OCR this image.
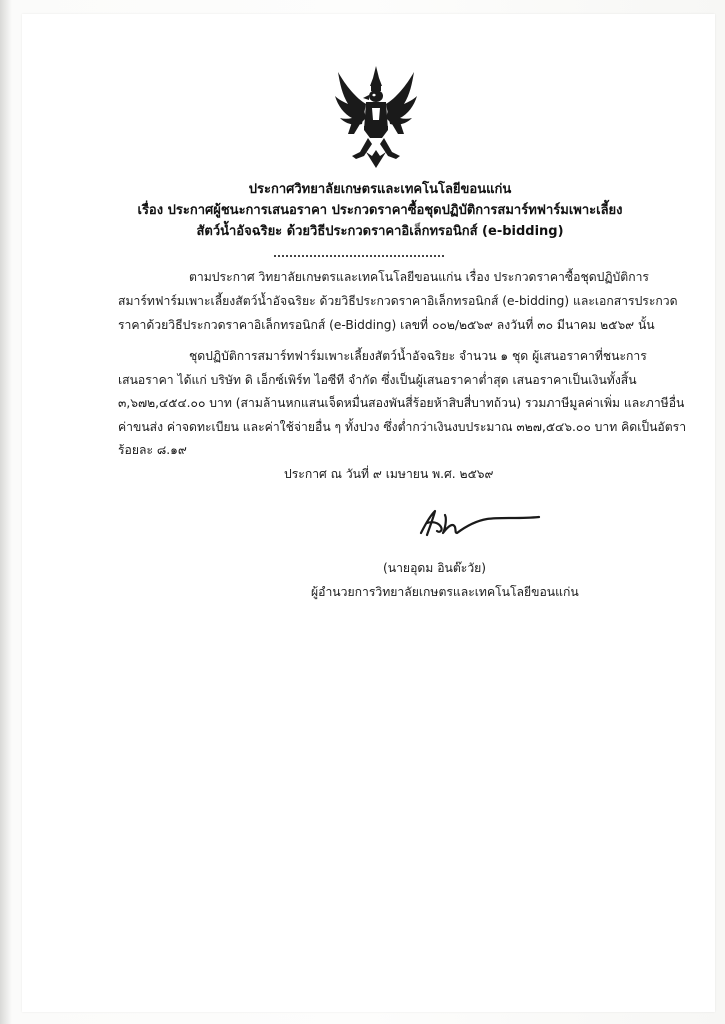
ประกาศวิทยาลัยเกษตรและเทคโนโลยีขอนแก่น
เรื่อง ประกาศผู้ชนะการเสนอราคา ประกวดราคาซื้อชุดปฏิบัติการสมาร์ทฟาร์มเพาะเลี้ยง
สัตว์น้ำอัจฉริยะ ด้วยวิธีประกวดราคาอิเล็กทรอนิกส์ (e-bidding)
ตามประกาศ วิทยาลัยเกษตรและเทคโนโลยีขอนแก่น เรื่อง ประกวดราคาซื้อชุดปฏิบัติการ
สมาร์ทฟาร์มเพาะเลี้ยงสัตว์น้ำอัจฉริยะ ด้วยวิธีประกวดราคาอิเล็กทรอนิกส์ (e-bidding) และเอกสารประกวด
ราคาด้วยวิธีประกวดราคาอิเล็กทรอนิกส์ (e-Bidding) เลขที่ ๐๐๒/๒๕๖๙ ลงวันที่ ๓๐ มีนาคม ๒๕๖๙ นั้น
ชุดปฏิบัติการสมาร์ทฟาร์มเพาะเลี้ยงสัตว์น้ำอัจฉริยะ จำนวน ๑ ชุด ผู้เสนอราคาที่ชนะการ
เสนอราคา ได้แก่ บริษัท ดิ เอ็กซ์เพิร์ท ไอซีที จำกัด ซึ่งเป็นผู้เสนอราคาต่ำสุด เสนอราคาเป็นเงินทั้งสิ้น
๓,๖๗๒,๔๕๔.๐๐ บาท (สามล้านหกแสนเจ็ดหมื่นสองพันสี่ร้อยห้าสิบสี่บาทถ้วน) รวมภาษีมูลค่าเพิ่ม และภาษีอื่น
ค่าขนส่ง ค่าจดทะเบียน และค่าใช้จ่ายอื่น ๆ ทั้งปวง ซึ่งต่ำกว่าเงินงบประมาณ ๓๒๗,๕๔๖.๐๐ บาท คิดเป็นอัตรา
ร้อยละ ๘.๑๙
ประกาศ ณ วันที่ ๙ เมษายน พ.ศ. ๒๕๖๙
(นายอุดม อินต๊ะวัย)
ผู้อำนวยการวิทยาลัยเกษตรและเทคโนโลยีขอนแก่น
